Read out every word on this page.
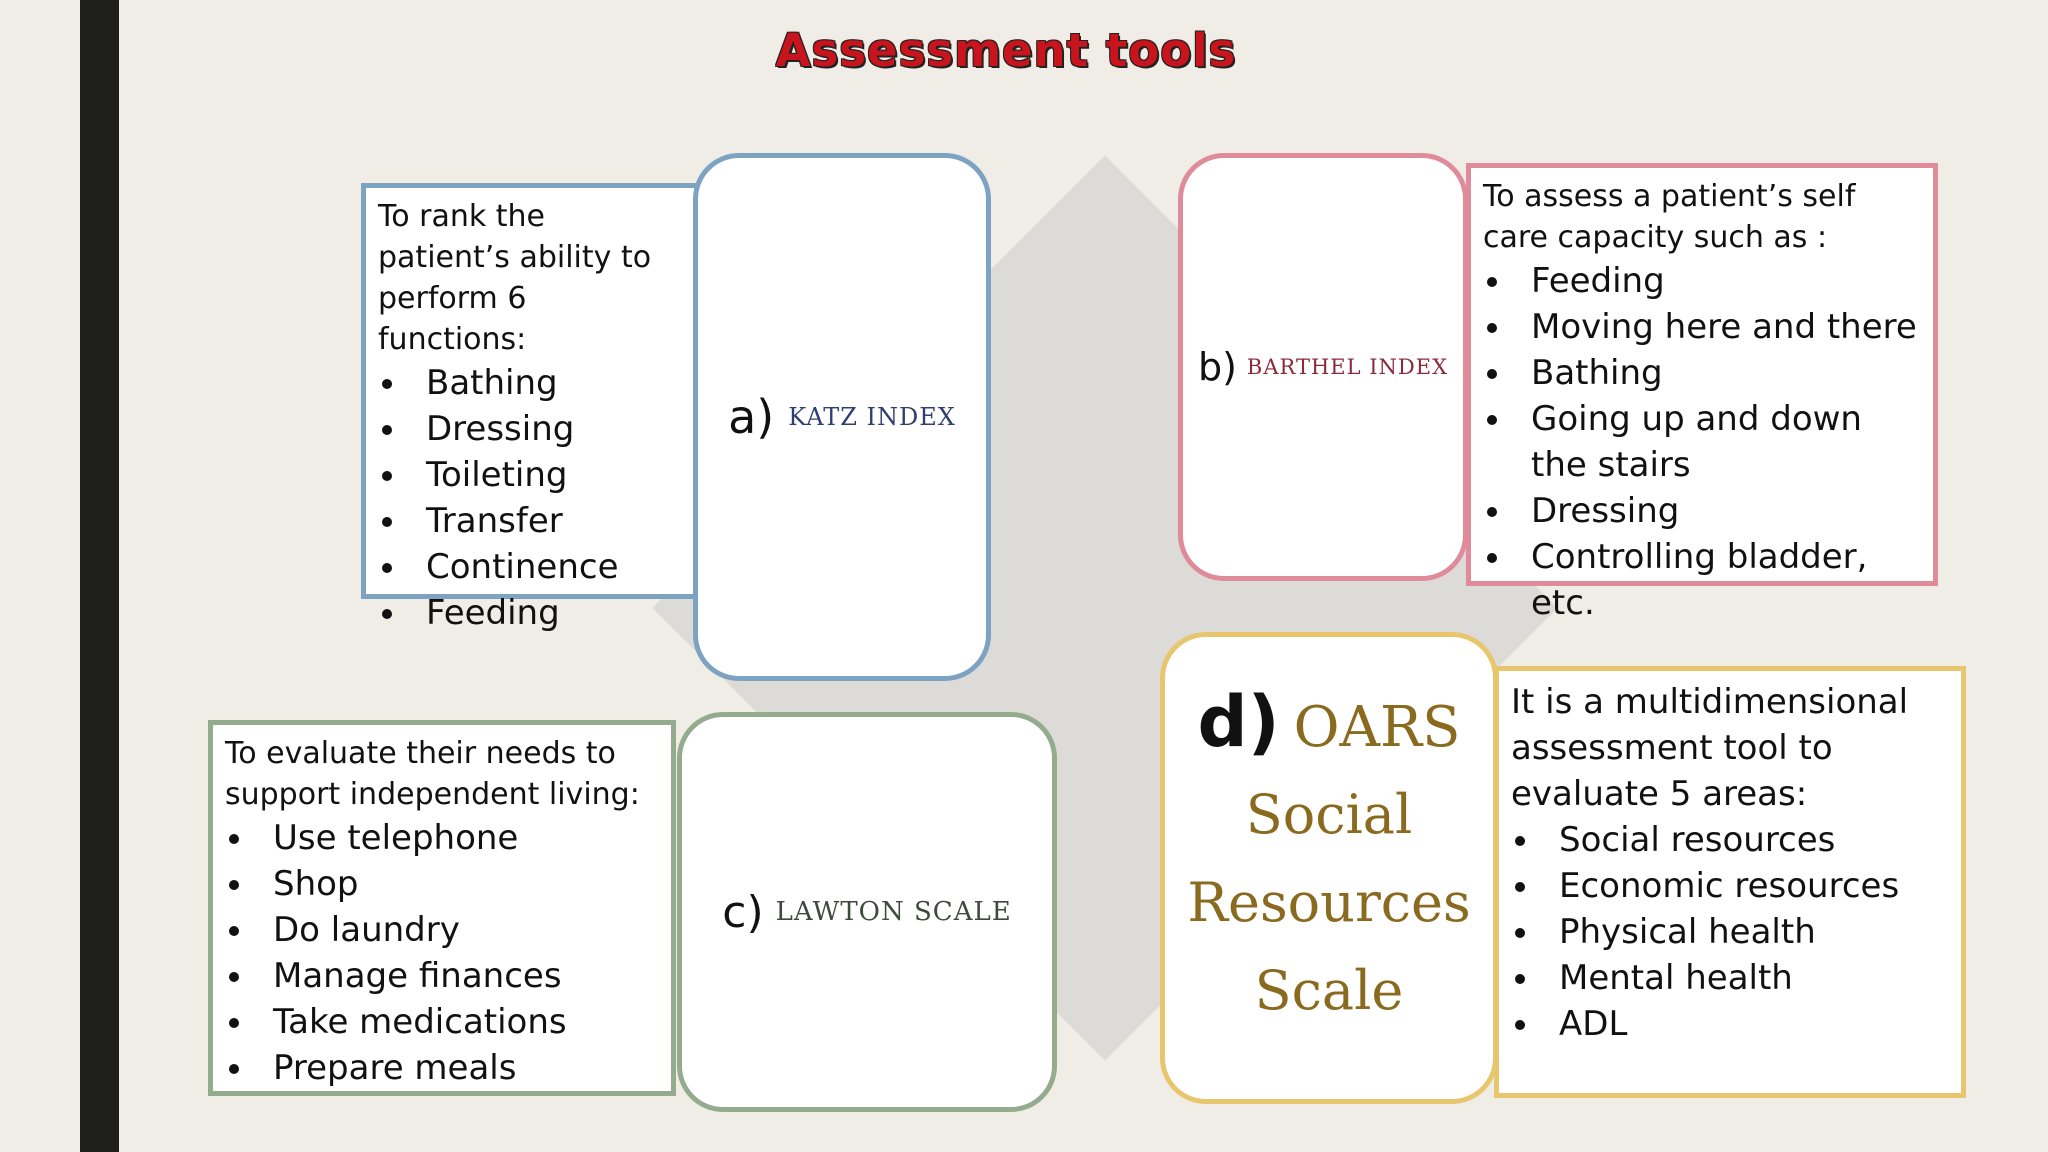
Assessment tools

To rank the patient’s ability to perform 6 functions:

Bathing
Dressing
Toileting
Transfer
Continence
Feeding
a) KATZ INDEX
b) BARTHEL INDEX

To assess a patient’s self care capacity such as :

Feeding
Moving here and there
Bathing
Going up and down the stairs
Dressing
Controlling bladder, etc.

To evaluate their needs to support independent living:

Use telephone
Shop
Do laundry
Manage finances
Take medications
Prepare meals
c) LAWTON SCALE
d) OARS
Social
Resources
Scale

It is a multidimensional assessment tool to evaluate 5 areas:

Social resources
Economic resources
Physical health
Mental health
ADL
